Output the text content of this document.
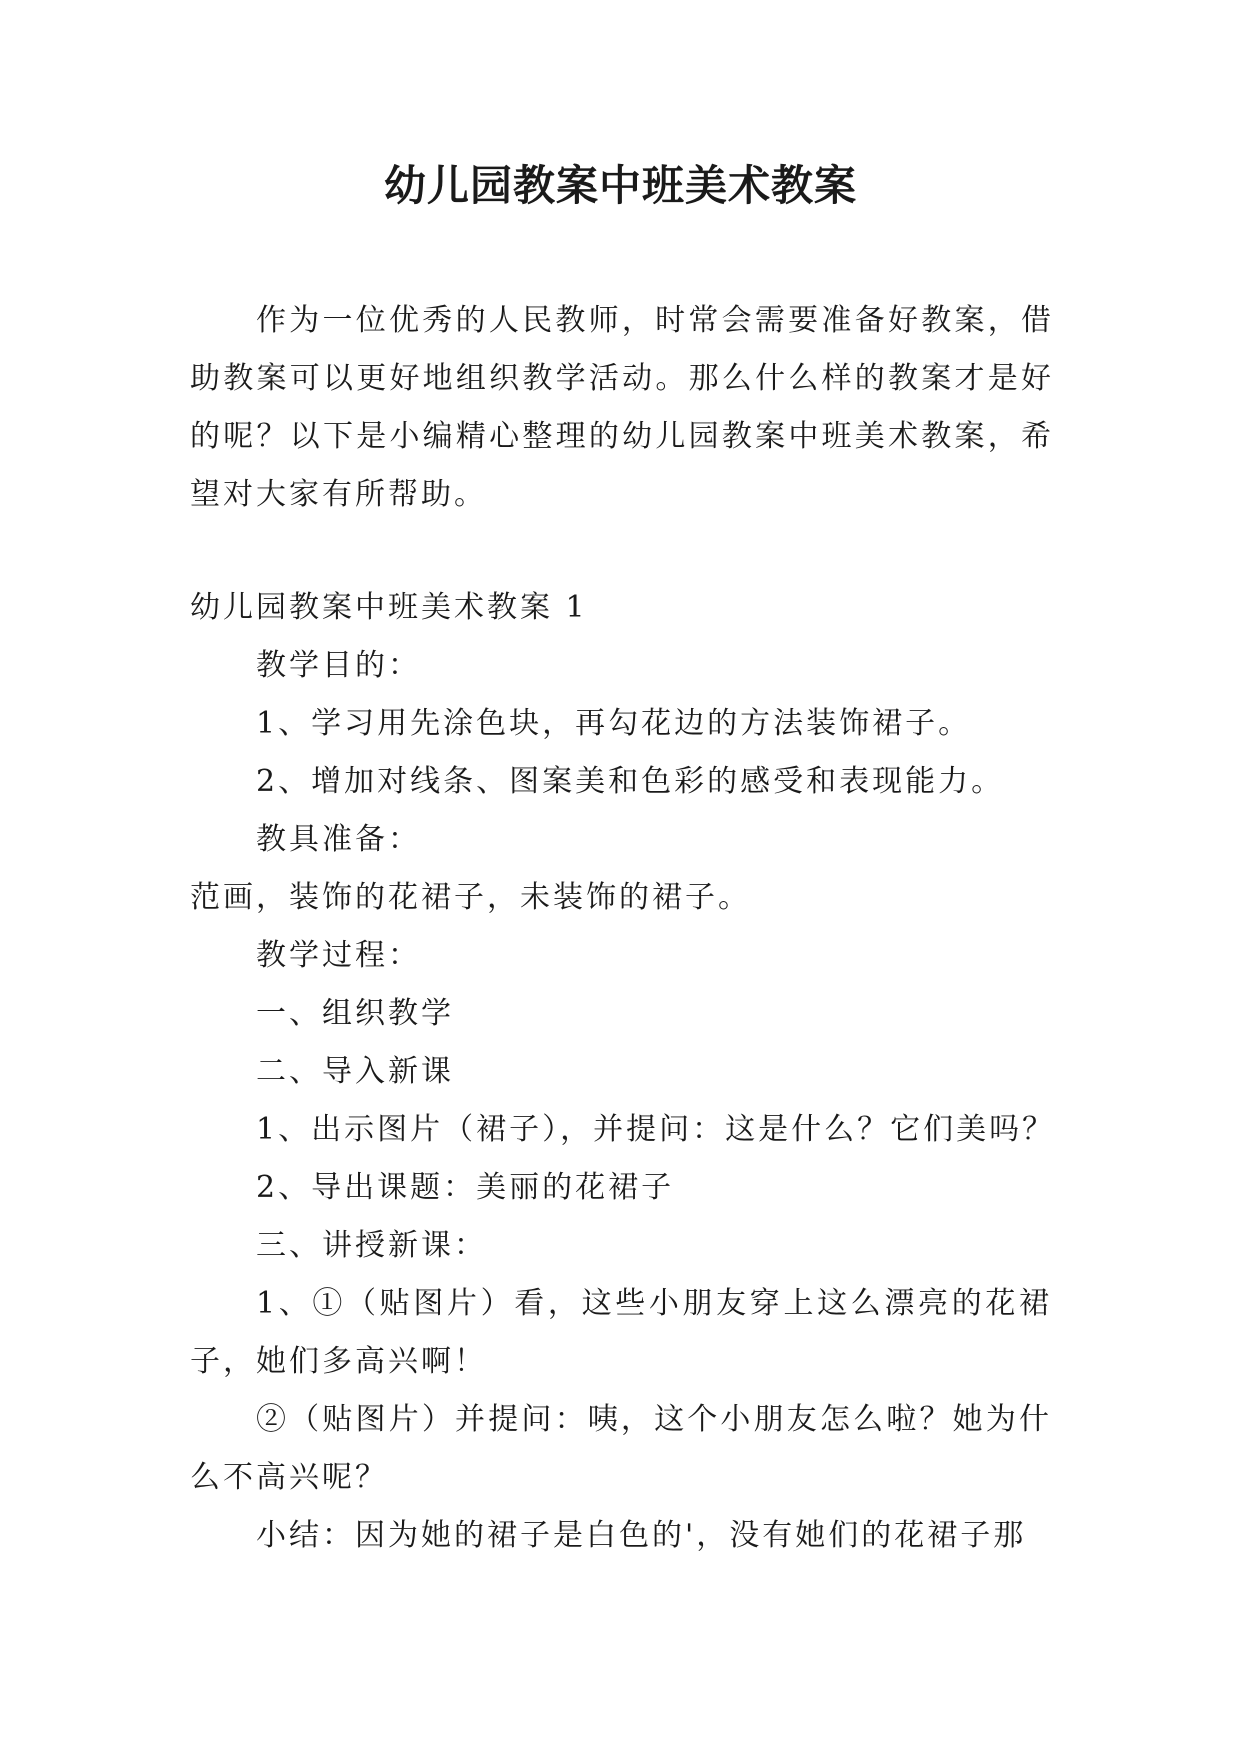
幼儿园教案中班美术教案

作为一位优秀的人民教师，时常会需要准备好教案，借助教案可以更好地组织教学活动。那么什么样的教案才是好的呢？以下是小编精心整理的幼儿园教案中班美术教案，希望对大家有所帮助。

幼儿园教案中班美术教案 1

教学目的：

1、学习用先涂色块，再勾花边的方法装饰裙子。

2、增加对线条、图案美和色彩的感受和表现能力。

教具准备：

范画，装饰的花裙子，未装饰的裙子。

教学过程：

一、组织教学

二、导入新课

1、出示图片（裙子），并提问：这是什么？它们美吗？

2、导出课题：美丽的花裙子

三、讲授新课：

1、①（贴图片）看，这些小朋友穿上这么漂亮的花裙子，她们多高兴啊！

②（贴图片）并提问：咦，这个小朋友怎么啦？她为什么不高兴呢？

小结：因为她的裙子是白色的'，没有她们的花裙子那
